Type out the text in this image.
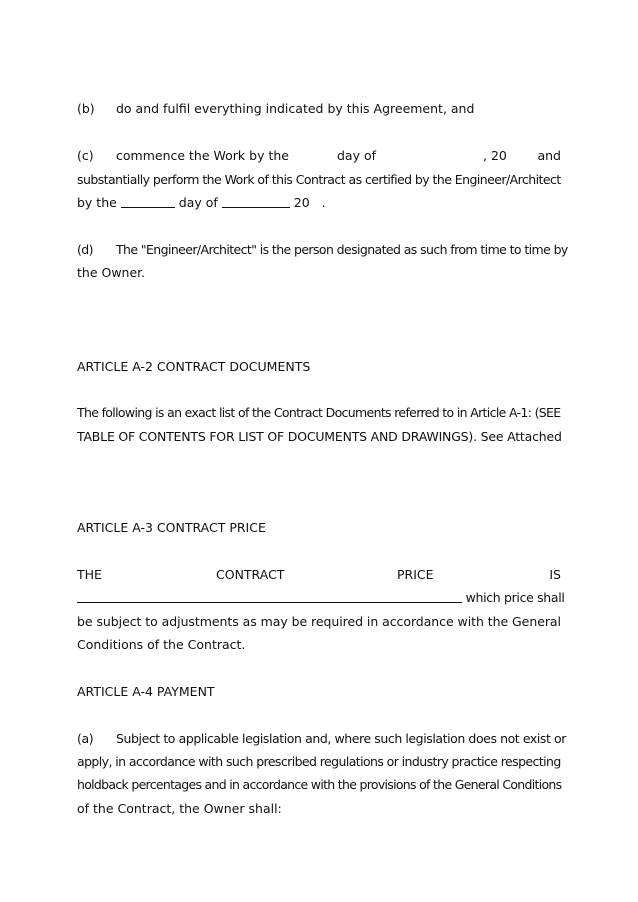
(b) do and fulfil everything indicated by this Agreement, and
(c) commence the Work by the	day of	, 20 and
substantially perform the Work of this Contract as certified by the Engineer/Architect
by the	day of	20 .
(d) The "Engineer/Architect" is the person designated as such from time to time by
the Owner.
ARTICLE A-2 CONTRACT DOCUMENTS
The following is an exact list of the Contract Documents referred to in Article A-1: (SEE
TABLE OF CONTENTS FOR LIST OF DOCUMENTS AND DRAWINGS). See Attached
ARTICLE A-3 CONTRACT PRICE
THE	CONTRACT	PRICE	IS
which price shall
be subject to adjustments as may be required in accordance with the General
Conditions of the Contract.
ARTICLE A-4 PAYMENT
(a) Subject to applicable legislation and, where such legislation does not exist or
apply, in accordance with such prescribed regulations or industry practice respecting
holdback percentages and in accordance with the provisions of the General Conditions
of the Contract, the Owner shall:
